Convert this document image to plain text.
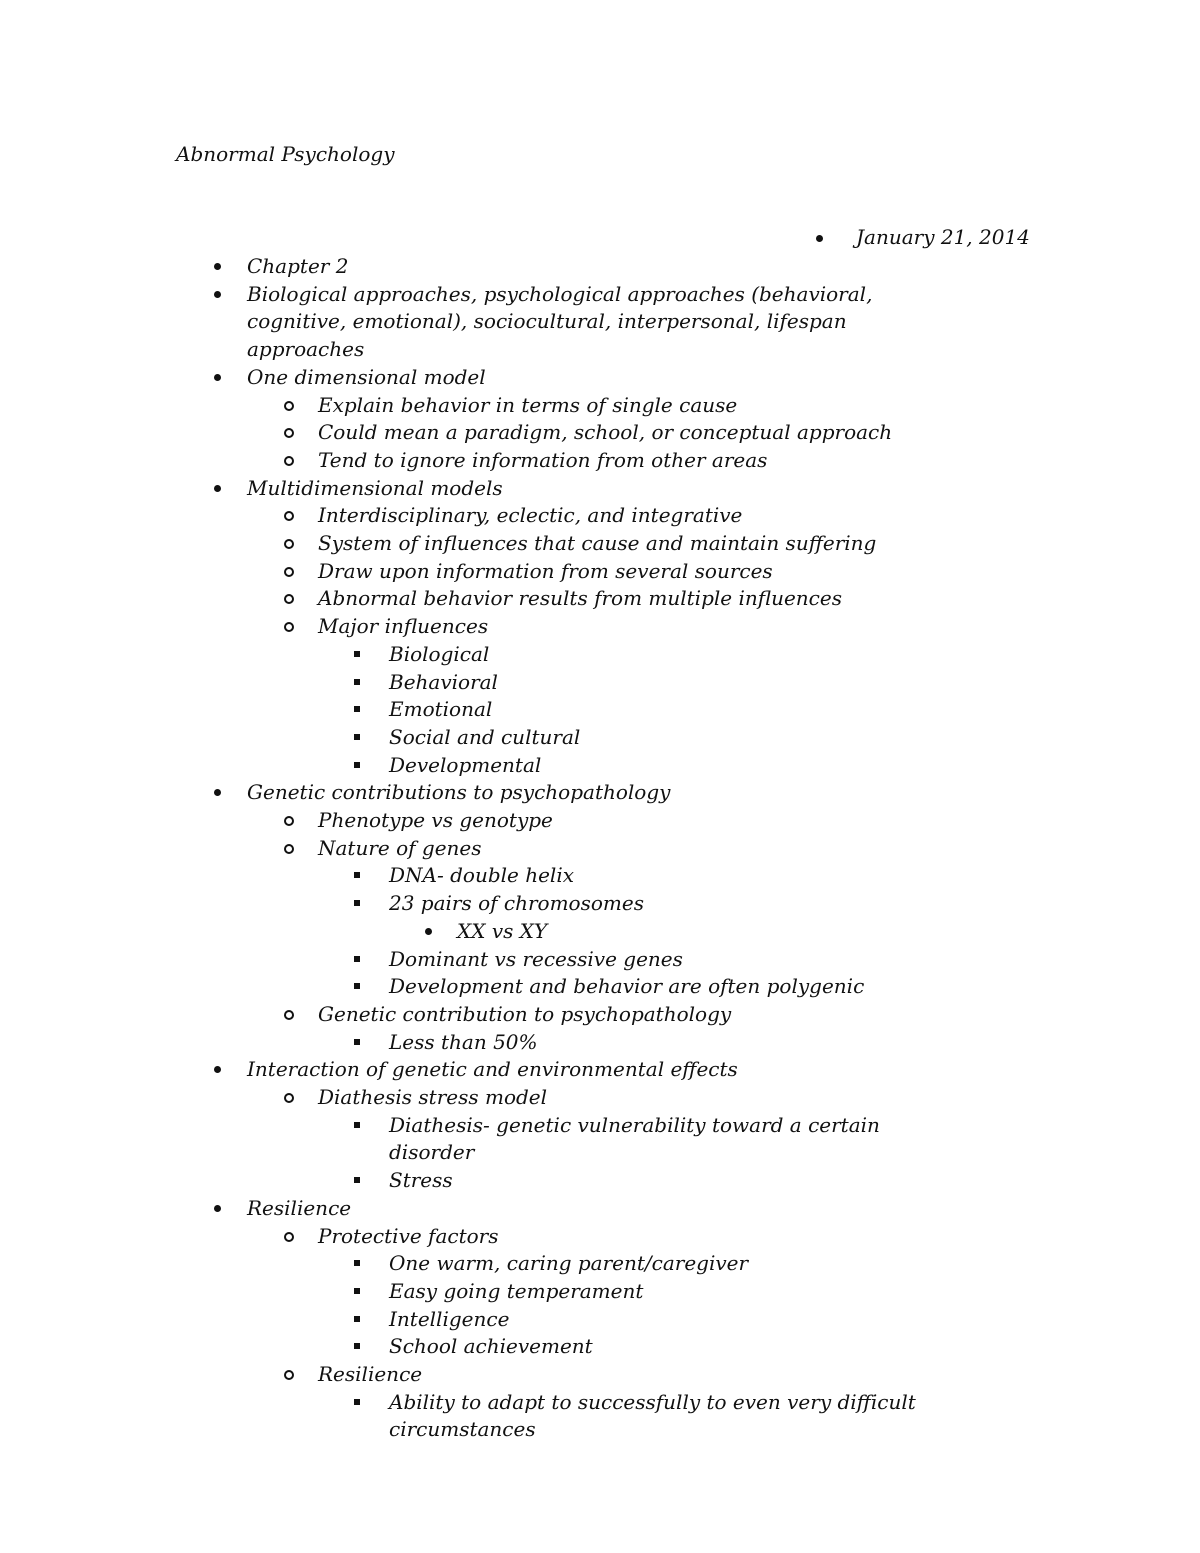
Abnormal Psychology
January 21, 2014
Chapter 2
Biological approaches, psychological approaches (behavioral, cognitive, emotional), sociocultural, interpersonal, lifespan approaches
One dimensional model
Explain behavior in terms of single cause
Could mean a paradigm, school, or conceptual approach
Tend to ignore information from other areas
Multidimensional models
Interdisciplinary, eclectic, and integrative
System of influences that cause and maintain suffering
Draw upon information from several sources
Abnormal behavior results from multiple influences
Major influences
Biological
Behavioral
Emotional
Social and cultural
Developmental
Genetic contributions to psychopathology
Phenotype vs genotype
Nature of genes
DNA- double helix
23 pairs of chromosomes
XX vs XY
Dominant vs recessive genes
Development and behavior are often polygenic
Genetic contribution to psychopathology
Less than 50%
Interaction of genetic and environmental effects
Diathesis stress model
Diathesis- genetic vulnerability toward a certain disorder
Stress
Resilience
Protective factors
One warm, caring parent/caregiver
Easy going temperament
Intelligence
School achievement
Resilience
Ability to adapt to successfully to even very difficult circumstances
